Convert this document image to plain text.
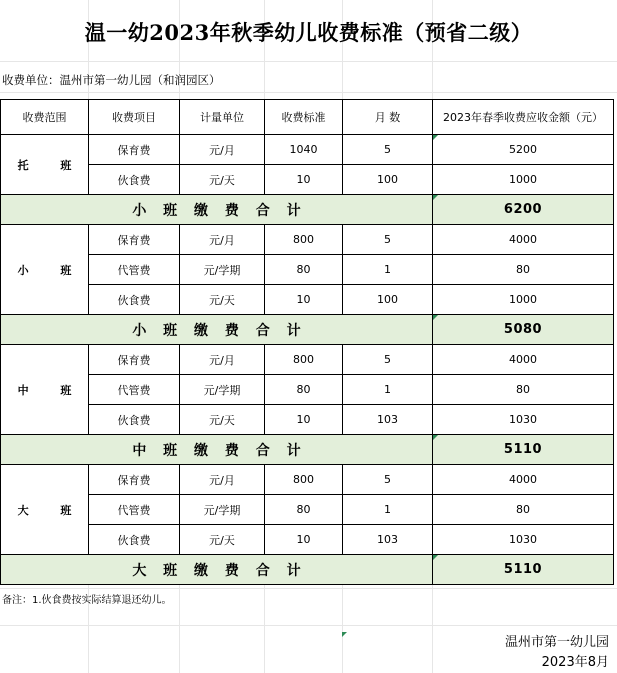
温一幼2023年秋季幼儿收费标准（预省二级）
收费单位：温州市第一幼儿园（和润园区）
收费范围	收费项目	计量单位	收费标准	月 数	2023年春季收费应收金额（元）
托 班	保育费	元/月	1040	5	5200
	伙食费	元/天	10	100	1000
小 班 缴 费 合 计					6200
小 班	保育费	元/月	800	5	4000
	代管费	元/学期	80	1	80
	伙食费	元/天	10	100	1000
小 班 缴 费 合 计					5080
中 班	保育费	元/月	800	5	4000
	代管费	元/学期	80	1	80
	伙食费	元/天	10	103	1030
中 班 缴 费 合 计					5110
大 班	保育费	元/月	800	5	4000
	代管费	元/学期	80	1	80
	伙食费	元/天	10	103	1030
大 班 缴 费 合 计					5110
备注：1.伙食费按实际结算退还幼儿。
温州市第一幼儿园
2023年8月
